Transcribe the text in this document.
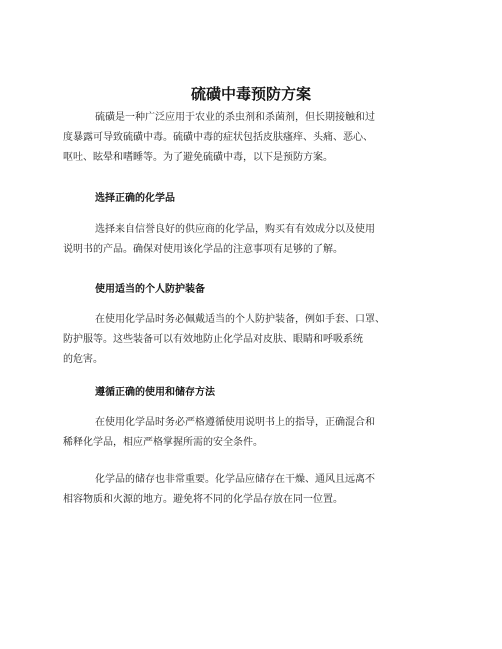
硫磺中毒预防方案

硫磺是一种广泛应用于农业的杀虫剂和杀菌剂，但长期接触和过
度暴露可导致硫磺中毒。硫磺中毒的症状包括皮肤瘙痒、头痛、恶心、
呕吐、眩晕和嗜睡等。为了避免硫磺中毒，以下是预防方案。

选择正确的化学品

选择来自信誉良好的供应商的化学品，购买有有效成分以及使用
说明书的产品。确保对使用该化学品的注意事项有足够的了解。

使用适当的个人防护装备

在使用化学品时务必佩戴适当的个人防护装备，例如手套、口罩、
防护服等。这些装备可以有效地防止化学品对皮肤、眼睛和呼吸系统
的危害。

遵循正确的使用和储存方法

在使用化学品时务必严格遵循使用说明书上的指导，正确混合和
稀释化学品，相应严格掌握所需的安全条件。

化学品的储存也非常重要。化学品应储存在干燥、通风且远离不
相容物质和火源的地方。避免将不同的化学品存放在同一位置。
